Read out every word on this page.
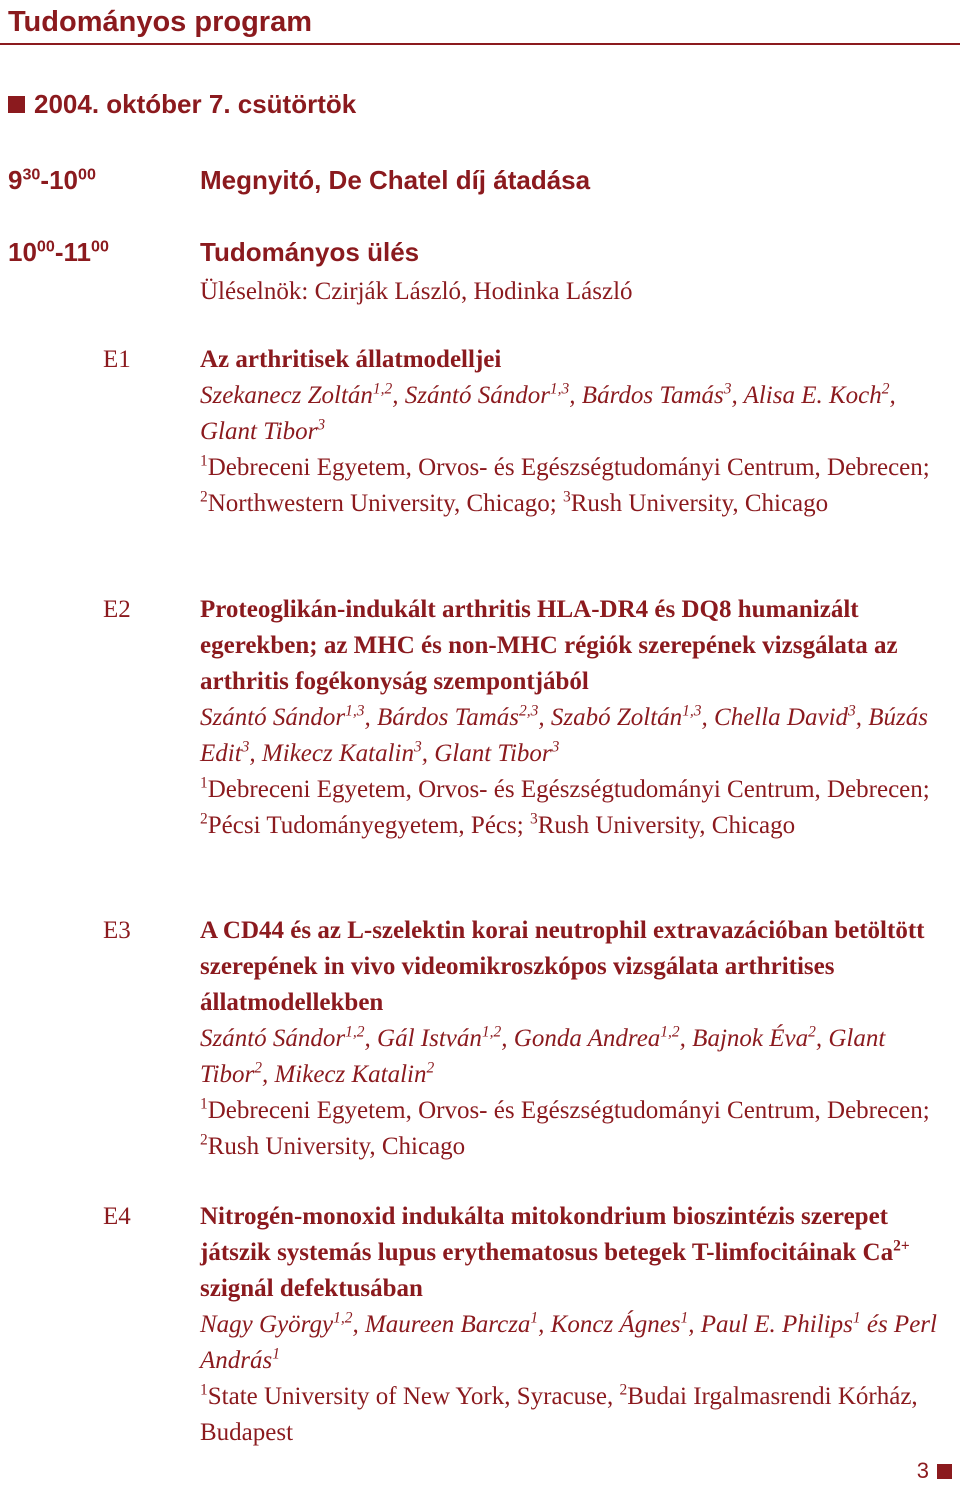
Tudományos program

2004. október 7. csütörtök

$9^{30}-10^{00}$	Megnyitó, De Chatel díj átadása

$10^{00}-11^{00}$	Tudományos ülés

Üléselnök: Czirják László, Hodinka László

E1	Az arthritisek állatmodelljei

Szekanecz Zoltán$^{1,2}$, Szántó Sándor$^{1,3}$, Bárdos Tamás$^3$, Alisa E. Koch$^2$, Glant Tibor$^3$

$^1$Debreceni Egyetem, Orvos- és Egészségtudományi Centrum, Debrecen; $^2$Northwestern University, Chicago; $^3$Rush University, Chicago

E2	Proteoglikán-indukált arthritis HLA-DR4 és DQ8 humanizált egerekben; az MHC és non-MHC régiók szerepének vizsgálata az arthritis fogékonyság szempontjából

Szántó Sándor$^{1,3}$, Bárdos Tamás$^{2,3}$, Szabó Zoltán$^{1,3}$, Chella David$^3$, Búzás Edit$^3$, Mikecz Katalin$^3$, Glant Tibor$^3$

$^1$Debreceni Egyetem, Orvos- és Egészségtudományi Centrum, Debrecen; $^2$Pécsi Tudományegyetem, Pécs; $^3$Rush University, Chicago

E3	A CD44 és az L-szelektin korai neutrophil extravazációban betöltött szerepének in vivo videomikroszkópos vizsgálata arthritises állatmodellekben

Szántó Sándor$^{1,2}$, Gál István$^{1,2}$, Gonda Andrea$^{1,2}$, Bajnok Éva$^2$, Glant Tibor$^2$, Mikecz Katalin$^2$

$^1$Debreceni Egyetem, Orvos- és Egészségtudományi Centrum, Debrecen; $^2$Rush University, Chicago

E4	Nitrogén-monoxid indukálta mitokondrium bioszintézis szerepet játszik systemás lupus erythematosus betegek T-limfocitáinak $Ca^{2+}$ szignál defektusában

Nagy György$^{1,2}$, Maureen Barcza$^1$, Koncz Ágnes$^1$, Paul E. Philips$^1$ és Perl András$^1$

$^1$State University of New York, Syracuse, $^2$Budai Irgalmasrendi Kórház, Budapest

3
